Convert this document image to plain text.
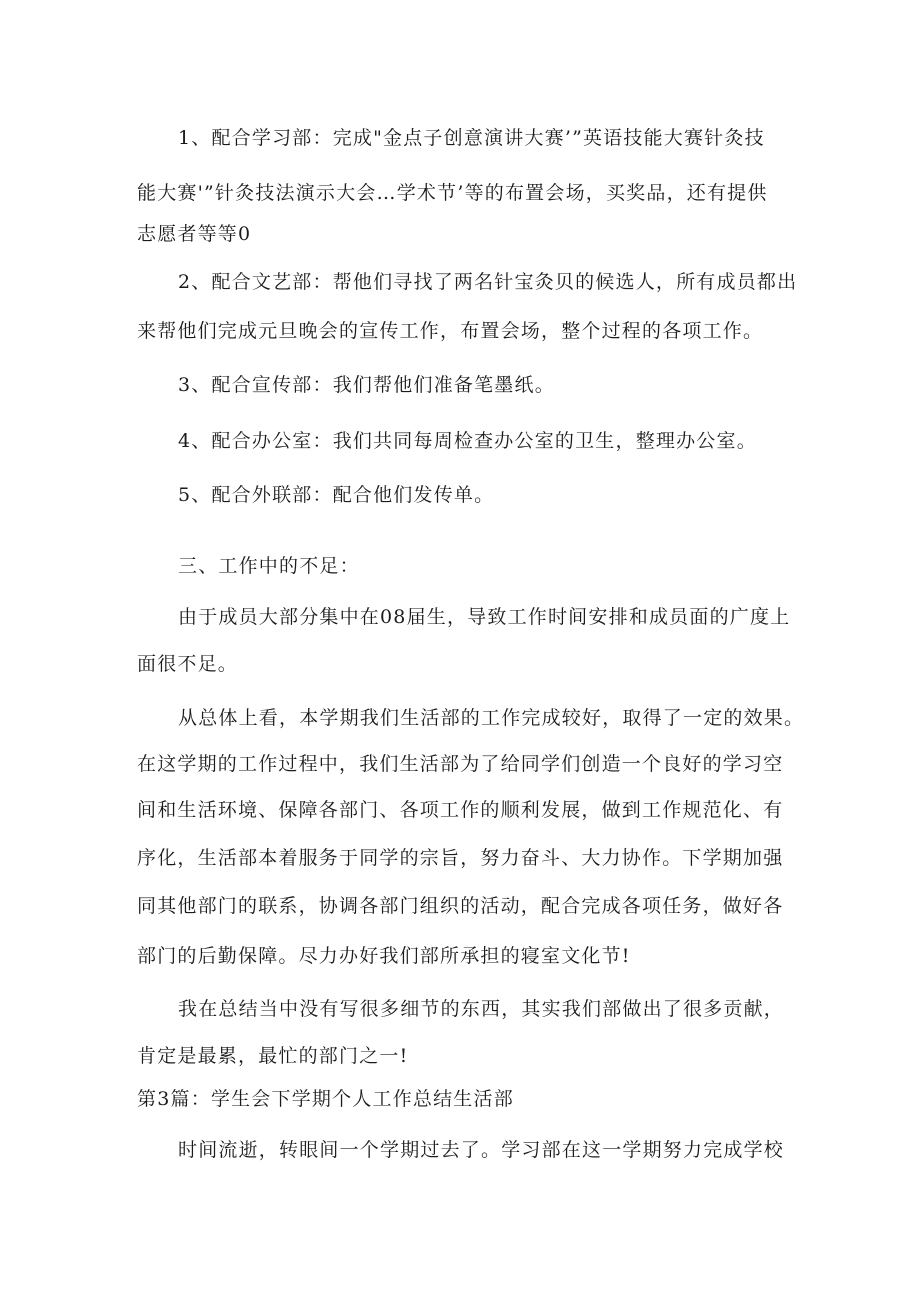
1、配合学习部：完成"金点子创意演讲大赛’”英语技能大赛针灸技
能大赛'”针灸技法演示大会…学术节’等的布置会场，买奖品，还有提供
志愿者等等0
2、配合文艺部：帮他们寻找了两名针宝灸贝的候选人，所有成员都出
来帮他们完成元旦晚会的宣传工作，布置会场，整个过程的各项工作。
3、配合宣传部：我们帮他们准备笔墨纸。
4、配合办公室：我们共同每周检查办公室的卫生，整理办公室。
5、配合外联部：配合他们发传单。
三、工作中的不足：
由于成员大部分集中在08届生，导致工作时间安排和成员面的广度上
面很不足。
从总体上看，本学期我们生活部的工作完成较好，取得了一定的效果。
在这学期的工作过程中，我们生活部为了给同学们创造一个良好的学习空
间和生活环境、保障各部门、各项工作的顺利发展，做到工作规范化、有
序化，生活部本着服务于同学的宗旨，努力奋斗、大力协作。下学期加强
同其他部门的联系，协调各部门组织的活动，配合完成各项任务，做好各
部门的后勤保障。尽力办好我们部所承担的寝室文化节!
我在总结当中没有写很多细节的东西，其实我们部做出了很多贡献，
肯定是最累，最忙的部门之一!
第3篇：学生会下学期个人工作总结生活部
时间流逝，转眼间一个学期过去了。学习部在这一学期努力完成学校
